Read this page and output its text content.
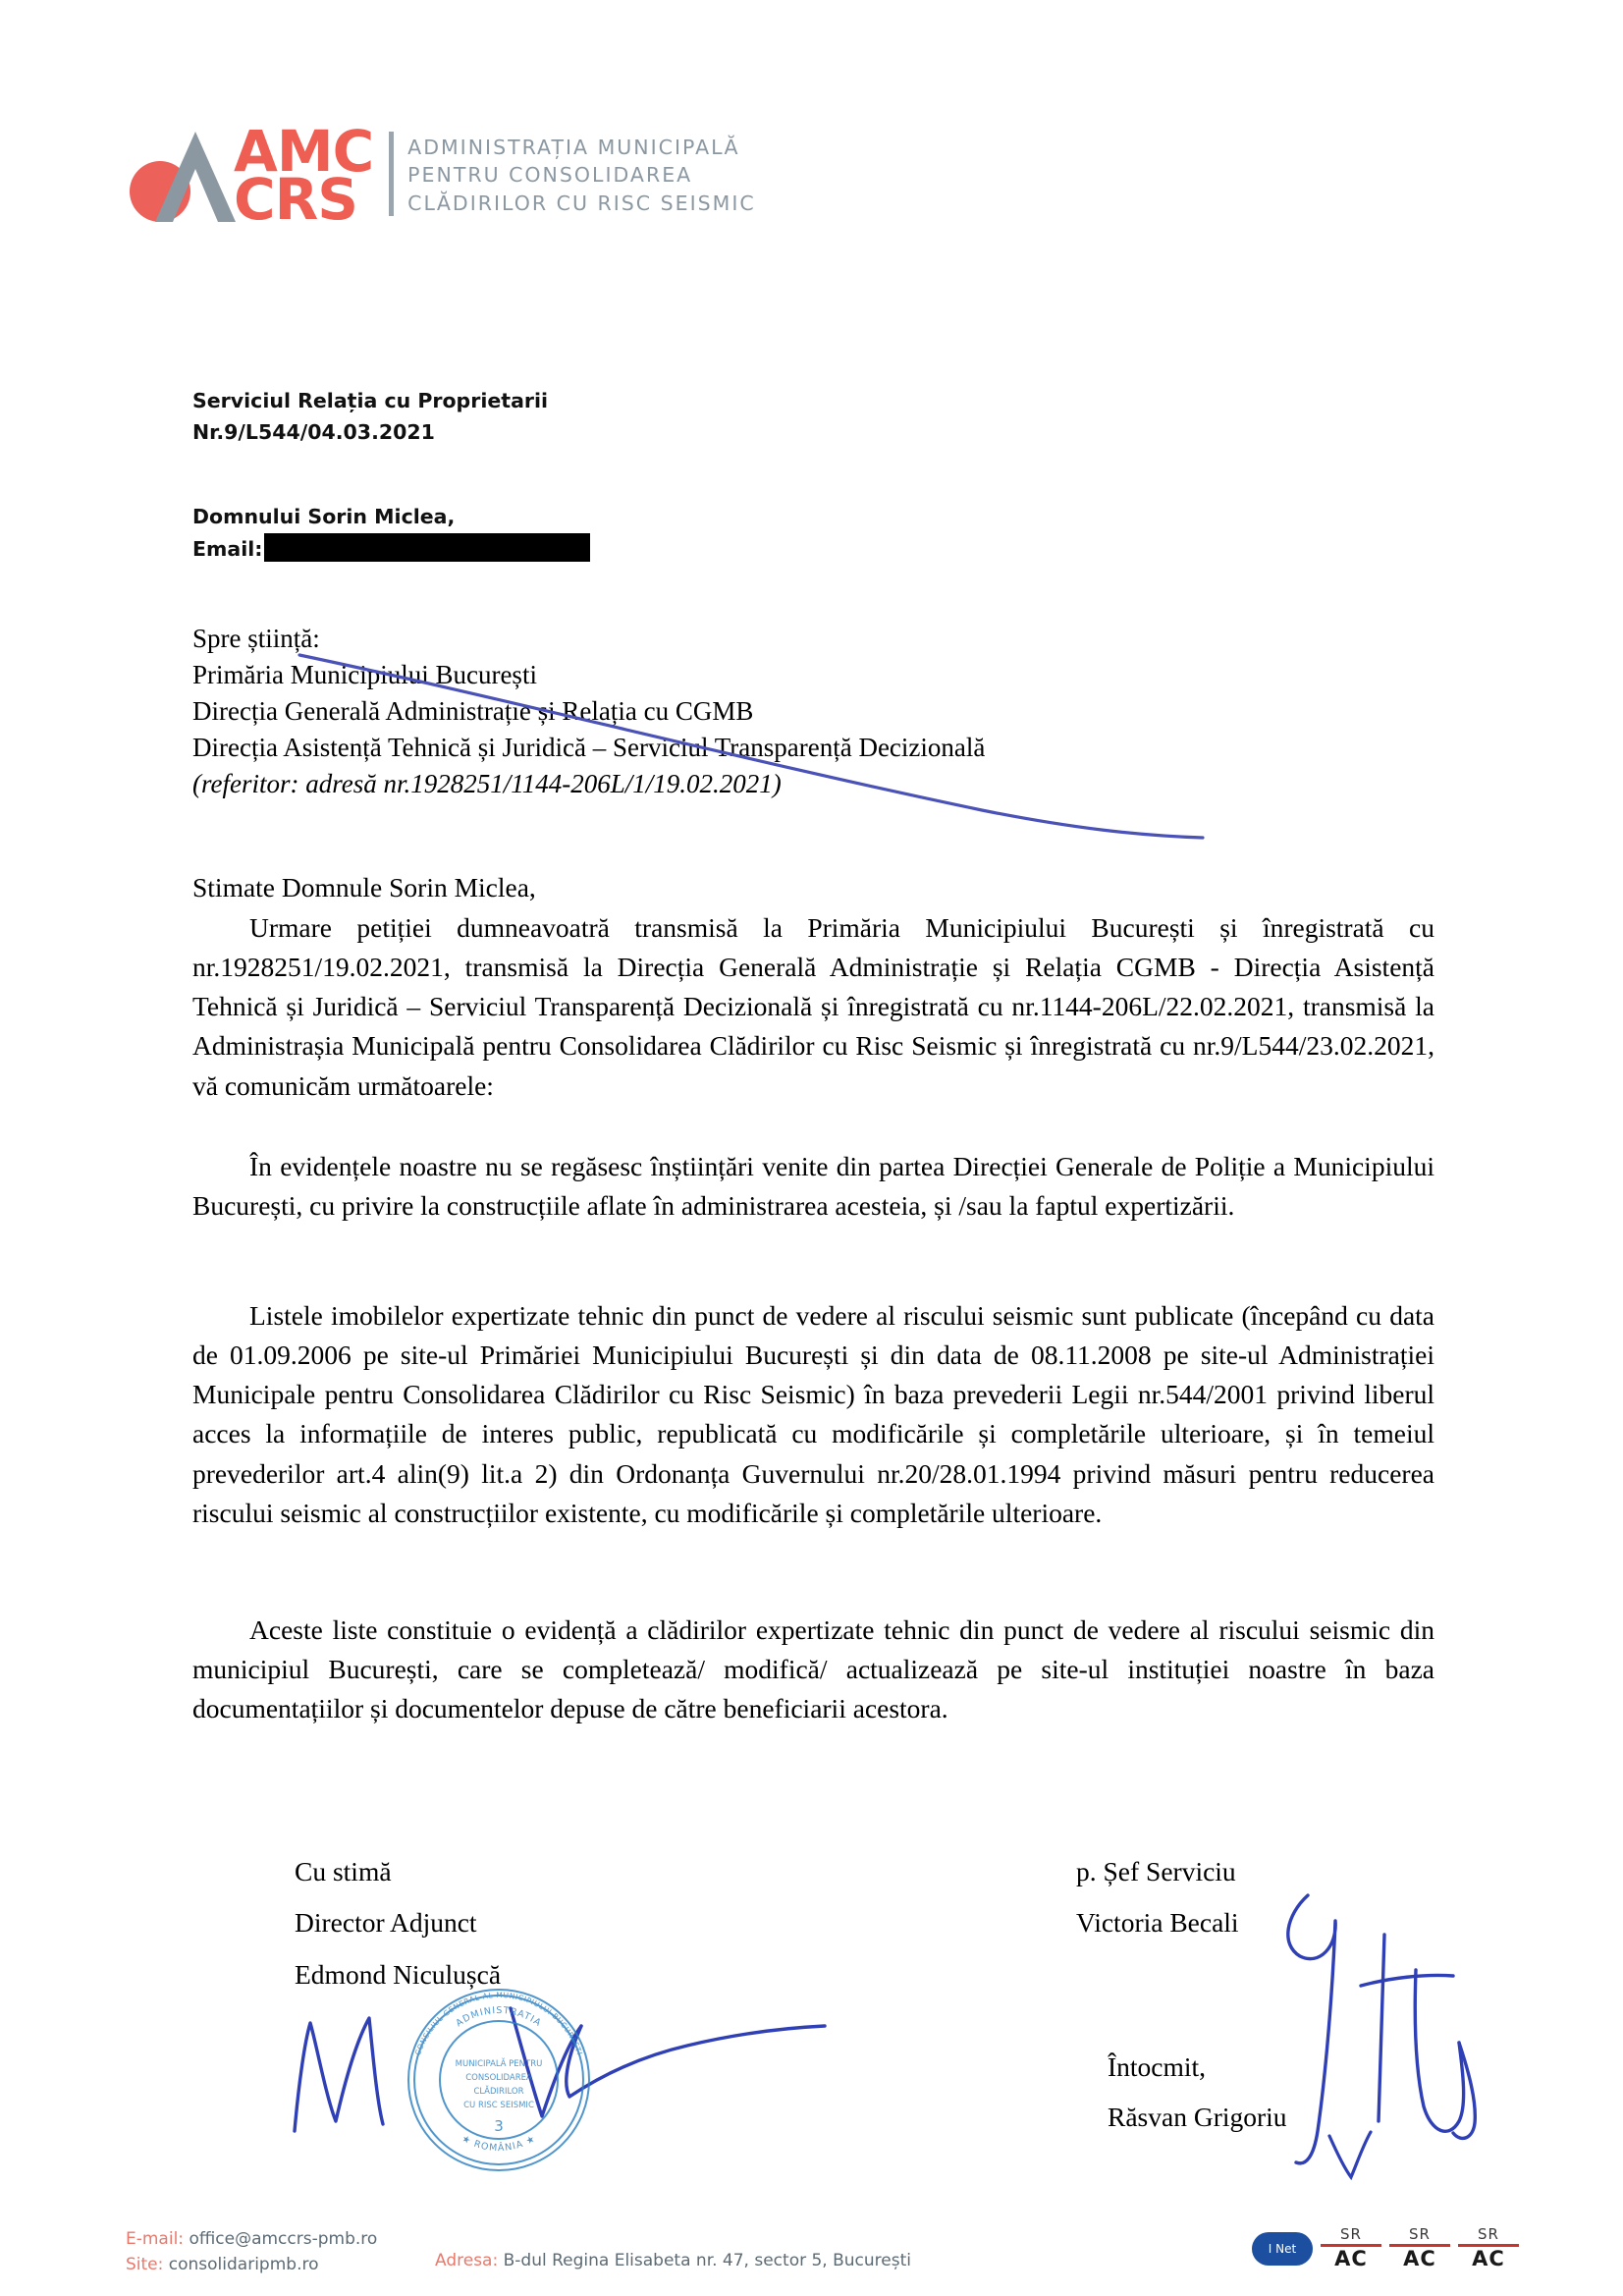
AMC
CRS
ADMINISTRAȚIA MUNICIPALĂ
PENTRU CONSOLIDAREA
CLĂDIRILOR CU RISC SEISMIC
Serviciul Relația cu Proprietarii
Nr.9/L544/04.03.2021
Domnului Sorin Miclea,
Email:
Spre știință:
Primăria Municipiului București
Direcția Generală Administrație și Relația cu CGMB
Direcția Asistență Tehnică și Juridică – Serviciul Transparență Decizională
(referitor: adresă nr.1928251/1144-206L/1/19.02.2021)
Stimate Domnule Sorin Miclea,
Urmare petiției dumneavoatră transmisă la Primăria Municipiului București și înregistrată cu nr.1928251/19.02.2021, transmisă la Direcția Generală Administrație și Relația CGMB - Direcția Asistență Tehnică și Juridică – Serviciul Transparență Decizională și înregistrată cu nr.1144-206L/22.02.2021, transmisă la Administrașia Municipală pentru Consolidarea Clădirilor cu Risc Seismic și înregistrată cu nr.9/L544/23.02.2021, vă comunicăm următoarele:
În evidențele noastre nu se regăsesc înștiințări venite din partea Direcției Generale de Poliție a Municipiului București, cu privire la construcțiile aflate în administrarea acesteia, și /sau la faptul expertizării.
Listele imobilelor expertizate tehnic din punct de vedere al riscului seismic sunt publicate (începând cu data de 01.09.2006 pe site-ul Primăriei Municipiului București și din data de 08.11.2008 pe site-ul Administrației Municipale pentru Consolidarea Clădirilor cu Risc Seismic) în baza prevederii Legii nr.544/2001 privind liberul acces la informațiile de interes public, republicată cu modificările și completările ulterioare, și în temeiul prevederilor art.4 alin(9) lit.a 2) din Ordonanța Guvernului nr.20/28.01.1994 privind măsuri pentru reducerea riscului seismic al construcțiilor existente, cu modificările și completările ulterioare.
Aceste liste constituie o evidență a clădirilor expertizate tehnic din punct de vedere al riscului seismic din municipiul București, care se completează/ modifică/ actualizează pe site-ul instituției noastre în baza documentațiilor și documentelor depuse de către beneficiarii acestora.
Cu stimă
Director Adjunct
Edmond Niculușcă
p. Șef Serviciu
Victoria Becali
Întocmit,
Răsvan Grigoriu
ADMINISTRATIA
★ ROMÂNIA ★
MUNICIPALĂ PENTRU
CONSOLIDAREA
CLĂDIRILOR
CU RISC SEISMIC
3
CONSILIUL GENERAL AL MUNICIPIULUI BUCUREȘTI
E-mail: office@amccrs-pmb.ro
Site: consolidaripmb.ro	Adresa: B-dul Regina Elisabeta nr. 47, sector 5, București
I Net
SR
AC
SR
AC
SR
AC
